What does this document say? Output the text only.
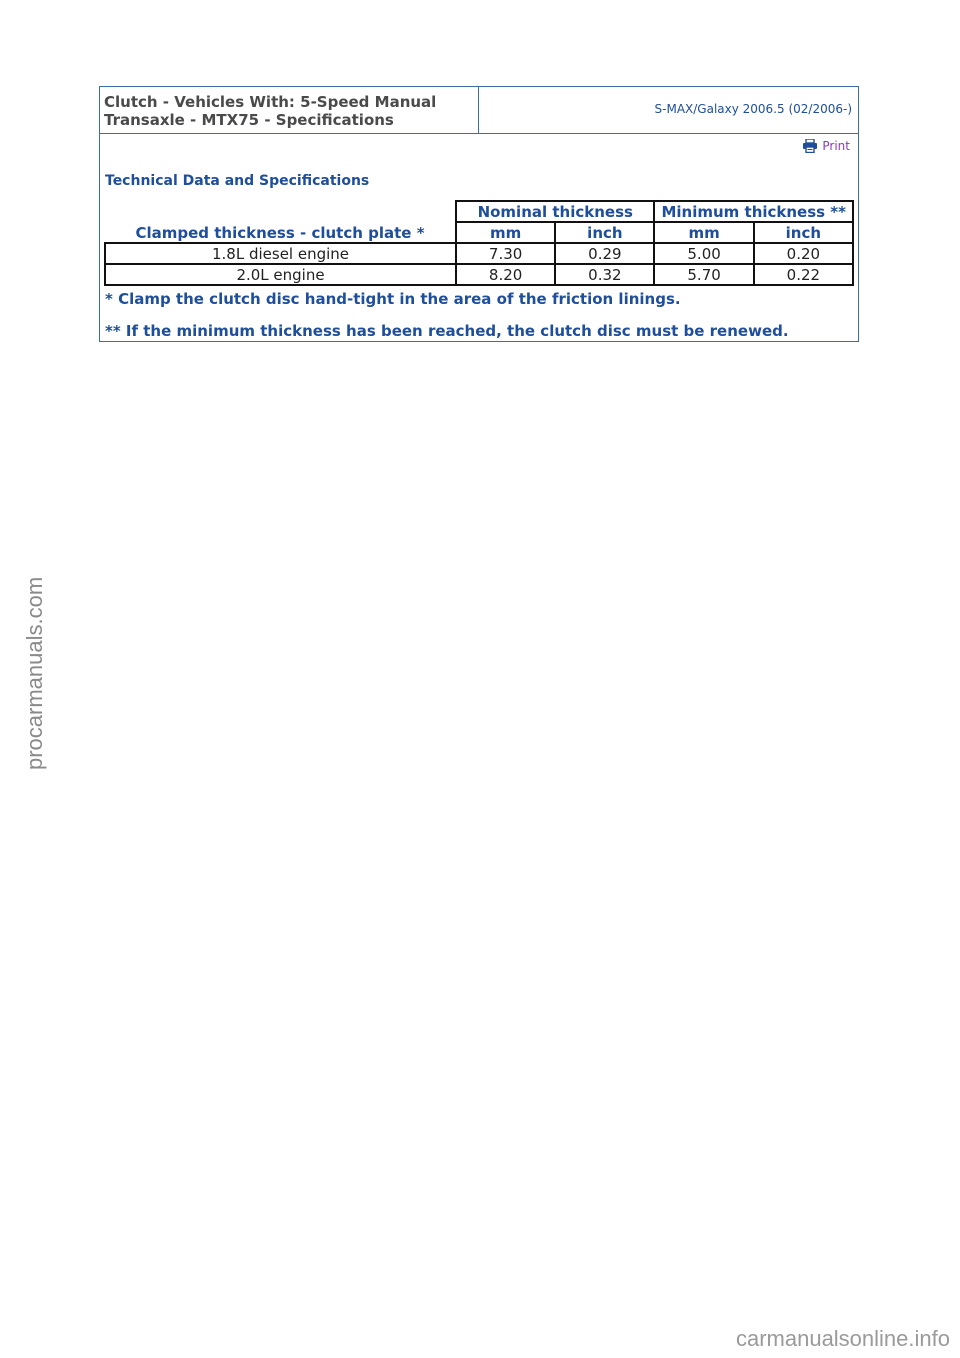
Clutch - Vehicles With: 5-Speed Manual
Transaxle - MTX75 - Specifications
S-MAX/Galaxy 2006.5 (02/2006-)
Print
Technical Data and Specifications
Clamped thickness - clutch plate *	Nominal thickness		Minimum thickness **	
	mm	inch	mm	inch
1.8L diesel engine	7.30	0.29	5.00	0.20
2.0L engine	8.20	0.32	5.70	0.22
* Clamp the clutch disc hand-tight in the area of the friction linings.
** If the minimum thickness has been reached, the clutch disc must be renewed.
procarmanuals.com
carmanualsonline.info
